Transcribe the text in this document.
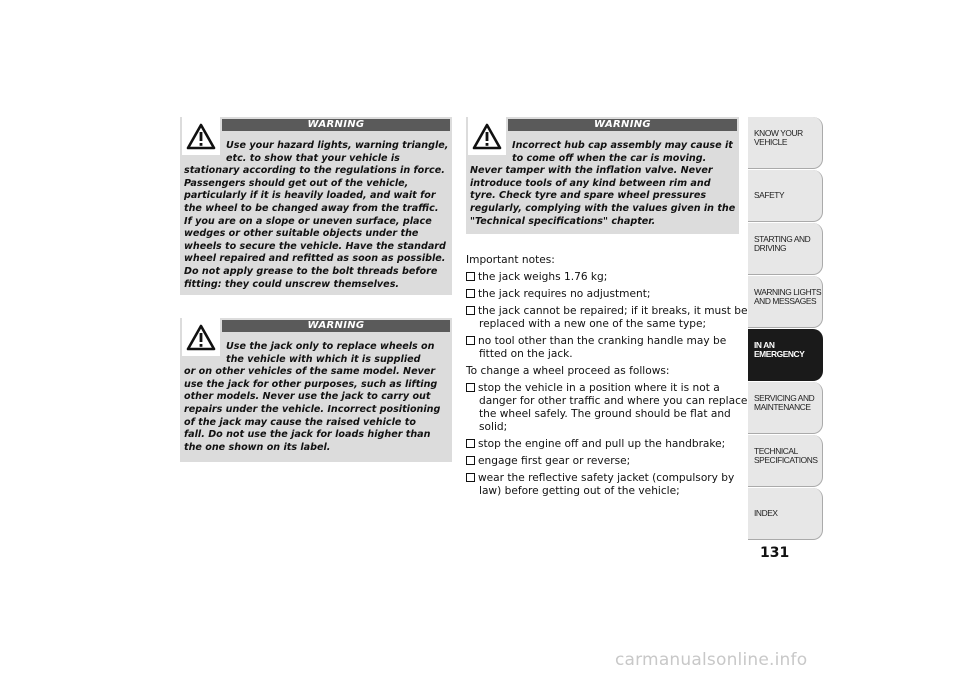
WARNING
Use your hazard lights, warning triangle,
etc. to show that your vehicle is
stationary according to the regulations in force.
Passengers should get out of the vehicle,
particularly if it is heavily loaded, and wait for
the wheel to be changed away from the traffic.
If you are on a slope or uneven surface, place
wedges or other suitable objects under the
wheels to secure the vehicle. Have the standard
wheel repaired and refitted as soon as possible.
Do not apply grease to the bolt threads before
fitting: they could unscrew themselves.
WARNING
Use the jack only to replace wheels on
the vehicle with which it is supplied
or on other vehicles of the same model. Never
use the jack for other purposes, such as lifting
other models. Never use the jack to carry out
repairs under the vehicle. Incorrect positioning
of the jack may cause the raised vehicle to
fall. Do not use the jack for loads higher than
the one shown on its label.
WARNING
Incorrect hub cap assembly may cause it
to come off when the car is moving.
Never tamper with the inflation valve. Never
introduce tools of any kind between rim and
tyre. Check tyre and spare wheel pressures
regularly, complying with the values given in the
"Technical specifications" chapter.
Important notes:
the jack weighs 1.76 kg;
the jack requires no adjustment;
the jack cannot be repaired; if it breaks, it must be
replaced with a new one of the same type;
no tool other than the cranking handle may be
fitted on the jack.
To change a wheel proceed as follows:
stop the vehicle in a position where it is not a
danger for other traffic and where you can replace
the wheel safely. The ground should be flat and
solid;
stop the engine off and pull up the handbrake;
engage first gear or reverse;
wear the reflective safety jacket (compulsory by
law) before getting out of the vehicle;
KNOW YOUR
VEHICLE
SAFETY
STARTING AND
DRIVING
WARNING LIGHTS
AND MESSAGES
IN AN
EMERGENCY
SERVICING AND
MAINTENANCE
TECHNICAL
SPECIFICATIONS
INDEX
131
carmanualsonline.info
